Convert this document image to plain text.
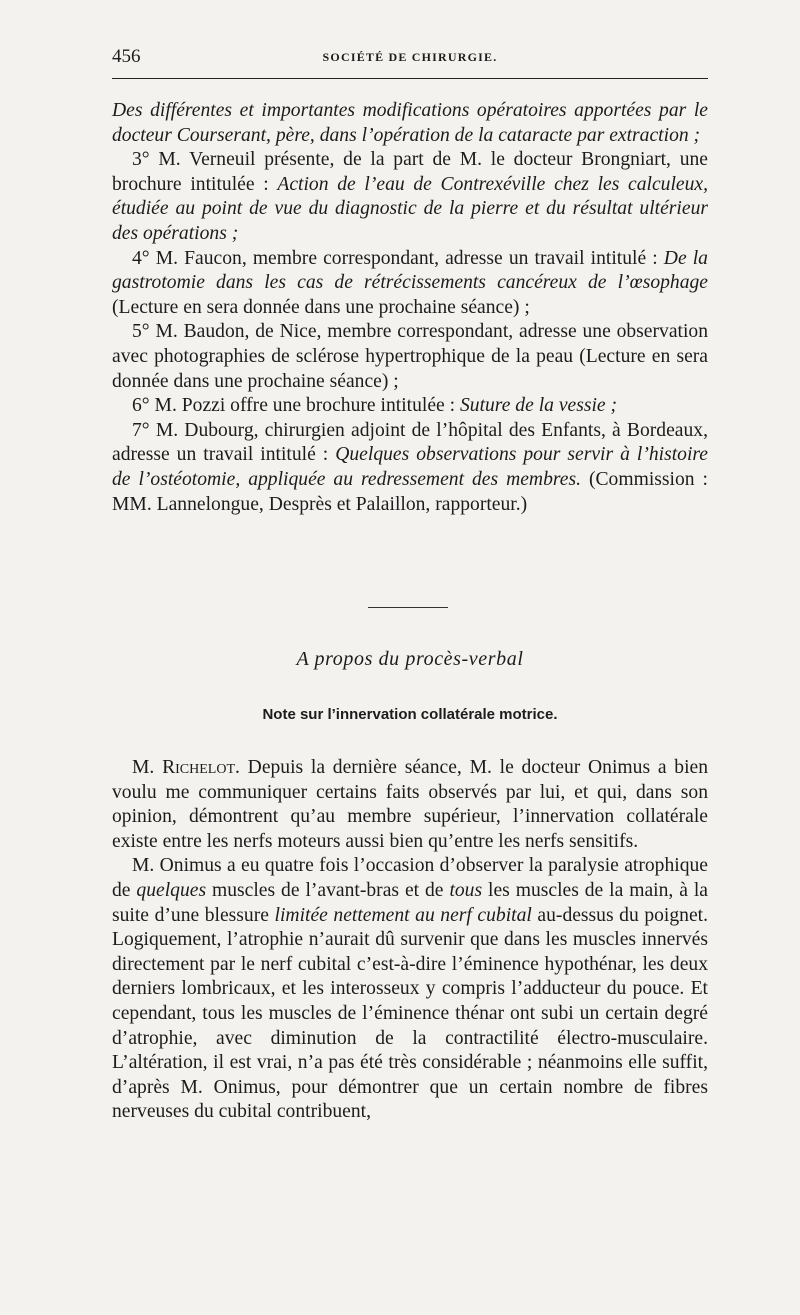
456	SOCIÉTÉ DE CHIRURGIE.

Des différentes et importantes modifications opératoires apportées par le docteur Courserant, père, dans l’opération de la cataracte par extraction ;

3° M. Verneuil présente, de la part de M. le docteur Brongniart, une brochure intitulée : Action de l’eau de Contrexéville chez les calculeux, étudiée au point de vue du diagnostic de la pierre et du résultat ultérieur des opérations ;

4° M. Faucon, membre correspondant, adresse un travail intitulé : De la gastrotomie dans les cas de rétrécissements cancéreux de l’œsophage (Lecture en sera donnée dans une prochaine séance) ;

5° M. Baudon, de Nice, membre correspondant, adresse une observation avec photographies de sclérose hypertrophique de la peau (Lecture en sera donnée dans une prochaine séance) ;

6° M. Pozzi offre une brochure intitulée : Suture de la vessie ;

7° M. Dubourg, chirurgien adjoint de l’hôpital des Enfants, à Bordeaux, adresse un travail intitulé : Quelques observations pour servir à l’histoire de l’ostéotomie, appliquée au redressement des membres. (Commission : MM. Lannelongue, Desprès et Palaillon, rapporteur.)

A propos du procès-verbal
Note sur l’innervation collatérale motrice.

M. Richelot. Depuis la dernière séance, M. le docteur Onimus a bien voulu me communiquer certains faits observés par lui, et qui, dans son opinion, démontrent qu’au membre supérieur, l’innervation collatérale existe entre les nerfs moteurs aussi bien qu’entre les nerfs sensitifs.

M. Onimus a eu quatre fois l’occasion d’observer la paralysie atrophique de quelques muscles de l’avant-bras et de tous les muscles de la main, à la suite d’une blessure limitée nettement au nerf cubital au-dessus du poignet. Logiquement, l’atrophie n’aurait dû survenir que dans les muscles innervés directement par le nerf cubital c’est-à-dire l’éminence hypothénar, les deux derniers lombricaux, et les interosseux y compris l’adducteur du pouce. Et cependant, tous les muscles de l’éminence thénar ont subi un certain degré d’atrophie, avec diminution de la contractilité électro-musculaire. L’altération, il est vrai, n’a pas été très considérable ; néanmoins elle suffit, d’après M. Onimus, pour démontrer que un certain nombre de fibres nerveuses du cubital contribuent,
